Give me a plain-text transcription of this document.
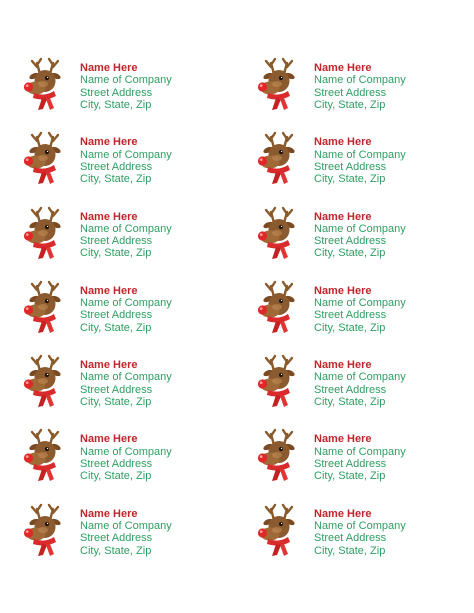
Name Here
Name of Company
Street Address
City, State, Zip
Name Here
Name of Company
Street Address
City, State, Zip
Name Here
Name of Company
Street Address
City, State, Zip
Name Here
Name of Company
Street Address
City, State, Zip
Name Here
Name of Company
Street Address
City, State, Zip
Name Here
Name of Company
Street Address
City, State, Zip
Name Here
Name of Company
Street Address
City, State, Zip
Name Here
Name of Company
Street Address
City, State, Zip
Name Here
Name of Company
Street Address
City, State, Zip
Name Here
Name of Company
Street Address
City, State, Zip
Name Here
Name of Company
Street Address
City, State, Zip
Name Here
Name of Company
Street Address
City, State, Zip
Name Here
Name of Company
Street Address
City, State, Zip
Name Here
Name of Company
Street Address
City, State, Zip
